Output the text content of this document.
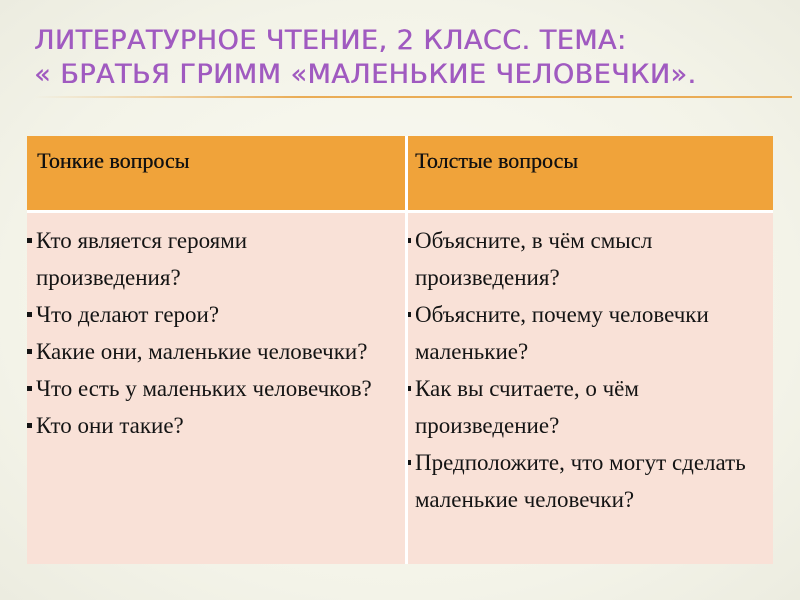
ЛИТЕРАТУРНОЕ ЧТЕНИЕ, 2 КЛАСС. ТЕМА:
« БРАТЬЯ ГРИММ «МАЛЕНЬКИЕ ЧЕЛОВЕЧКИ».
Тонкие вопросы	Толстые вопросы
Кто является героями произведения?
Что делают герои?
Какие они, маленькие человечки?
Что есть у маленьких человечков?
Кто они такие?
Объясните, в чём смысл произведения?
Объясните, почему человечки маленькие?
Как вы считаете, о чём произведение?
Предположите, что могут сделать маленькие человечки?
